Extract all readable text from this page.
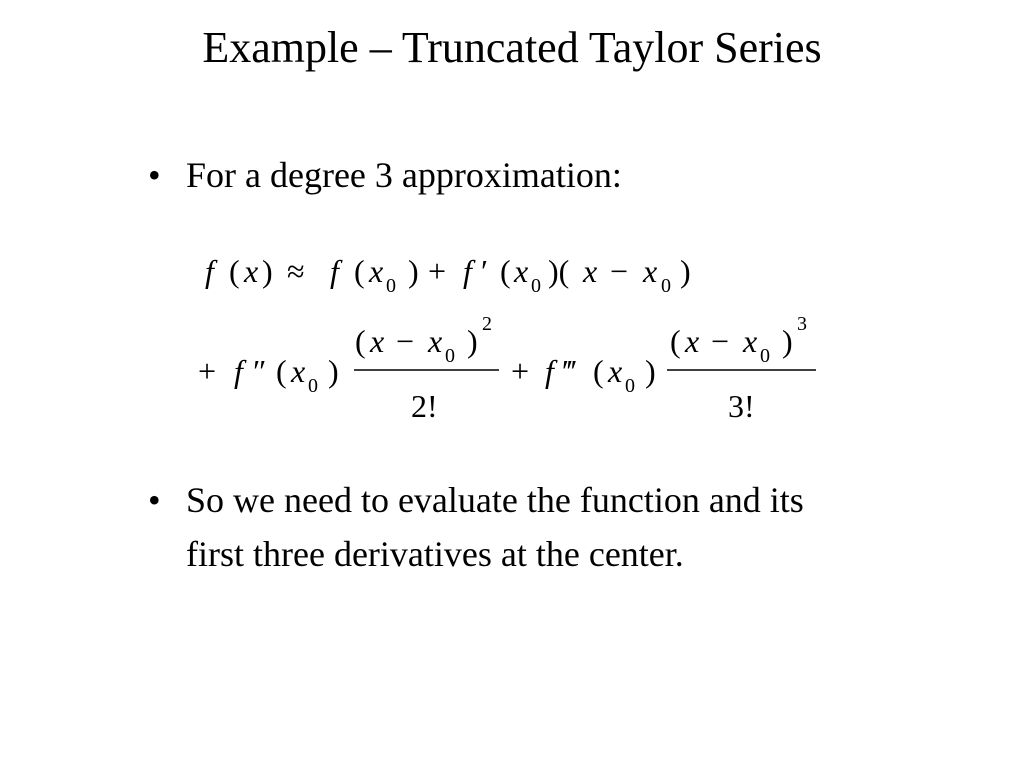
Example – Truncated Taylor Series
• For a degree 3 approximation:
f ( x ) ≈ f ( x 0 ) + f ′ ( x 0 )( x − x 0 )
+ f ″ ( x 0 )
( x − x 0 ) 2
2!
+ f ‴ ( x 0 )
( x − x 0 ) 3
3!
• So we need to evaluate the function and its first three derivatives at the center.
